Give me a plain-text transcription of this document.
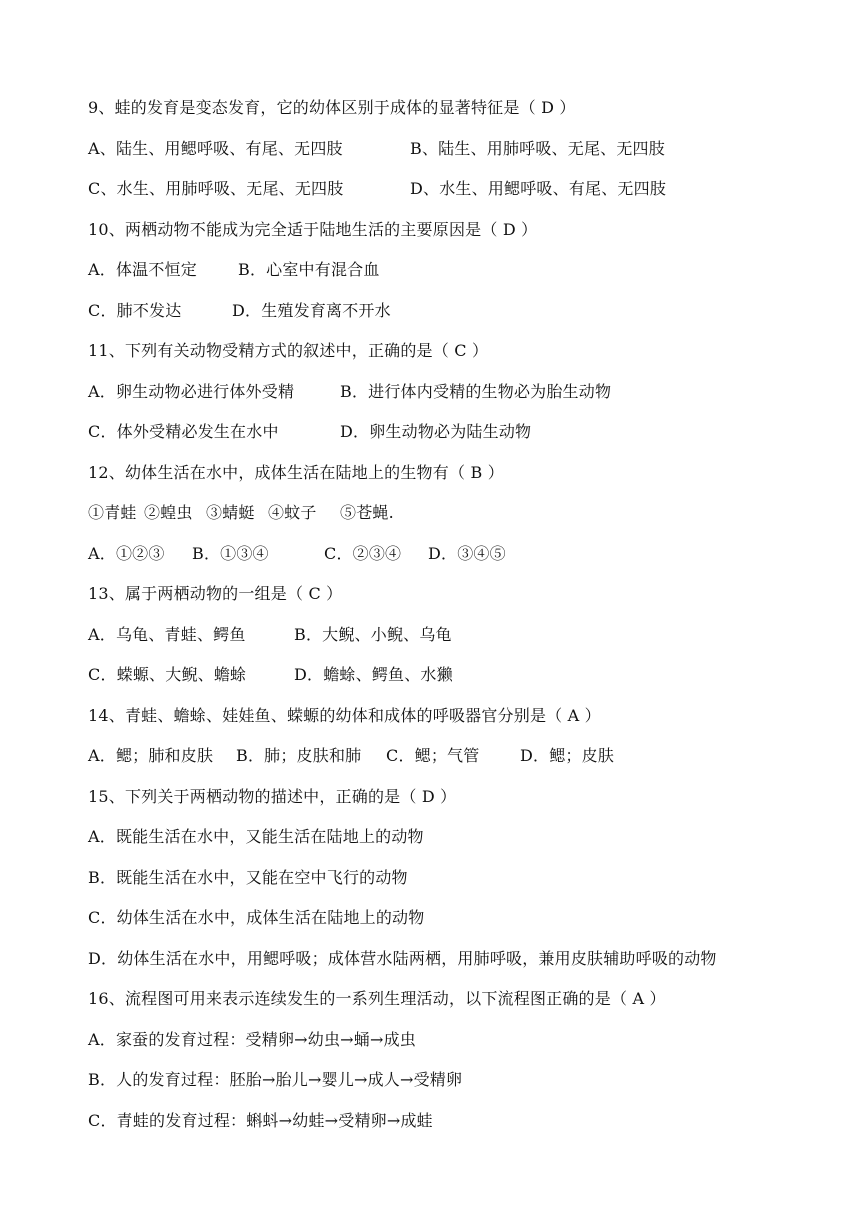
9、蛙的发育是变态发育，它的幼体区别于成体的显著特征是（ D ）
A、陆生、用鳃呼吸、有尾、无四肢	B、陆生、用肺呼吸、无尾、无四肢
C、水生、用肺呼吸、无尾、无四肢	D、水生、用鳃呼吸、有尾、无四肢
10、两栖动物不能成为完全适于陆地生活的主要原因是（ D ）
A．体温不恒定	B．心室中有混合血
C．肺不发达	D．生殖发育离不开水
11、下列有关动物受精方式的叙述中，正确的是（ C ）
A．卵生动物必进行体外受精	B．进行体内受精的生物必为胎生动物
C．体外受精必发生在水中	D．卵生动物必为陆生动物
12、幼体生活在水中，成体生活在陆地上的生物有（ B ）
①青蛙 ②蝗虫 ③蜻蜓 ④蚊子 ⑤苍蝇.
A．①②③ B．①③④	C．②③④ D．③④⑤
13、属于两栖动物的一组是（ C ）
A．乌龟、青蛙、鳄鱼	B．大鲵、小鲵、乌龟
C．蝾螈、大鲵、蟾蜍	D．蟾蜍、鳄鱼、水獭
14、青蛙、蟾蜍、娃娃鱼、蝾螈的幼体和成体的呼吸器官分别是（ A ）
A．鳃；肺和皮肤 B．肺；皮肤和肺 C．鳃；气管	D．鳃；皮肤
15、下列关于两栖动物的描述中，正确的是（ D ）
A．既能生活在水中，又能生活在陆地上的动物
B．既能生活在水中，又能在空中飞行的动物
C．幼体生活在水中，成体生活在陆地上的动物
D．幼体生活在水中，用鳃呼吸；成体营水陆两栖，用肺呼吸，兼用皮肤辅助呼吸的动物
16、流程图可用来表示连续发生的一系列生理活动，以下流程图正确的是（ A ）
A．家蚕的发育过程：受精卵→幼虫→蛹→成虫
B．人的发育过程：胚胎→胎儿→婴儿→成人→受精卵
C．青蛙的发育过程：蝌蚪→幼蛙→受精卵→成蛙
